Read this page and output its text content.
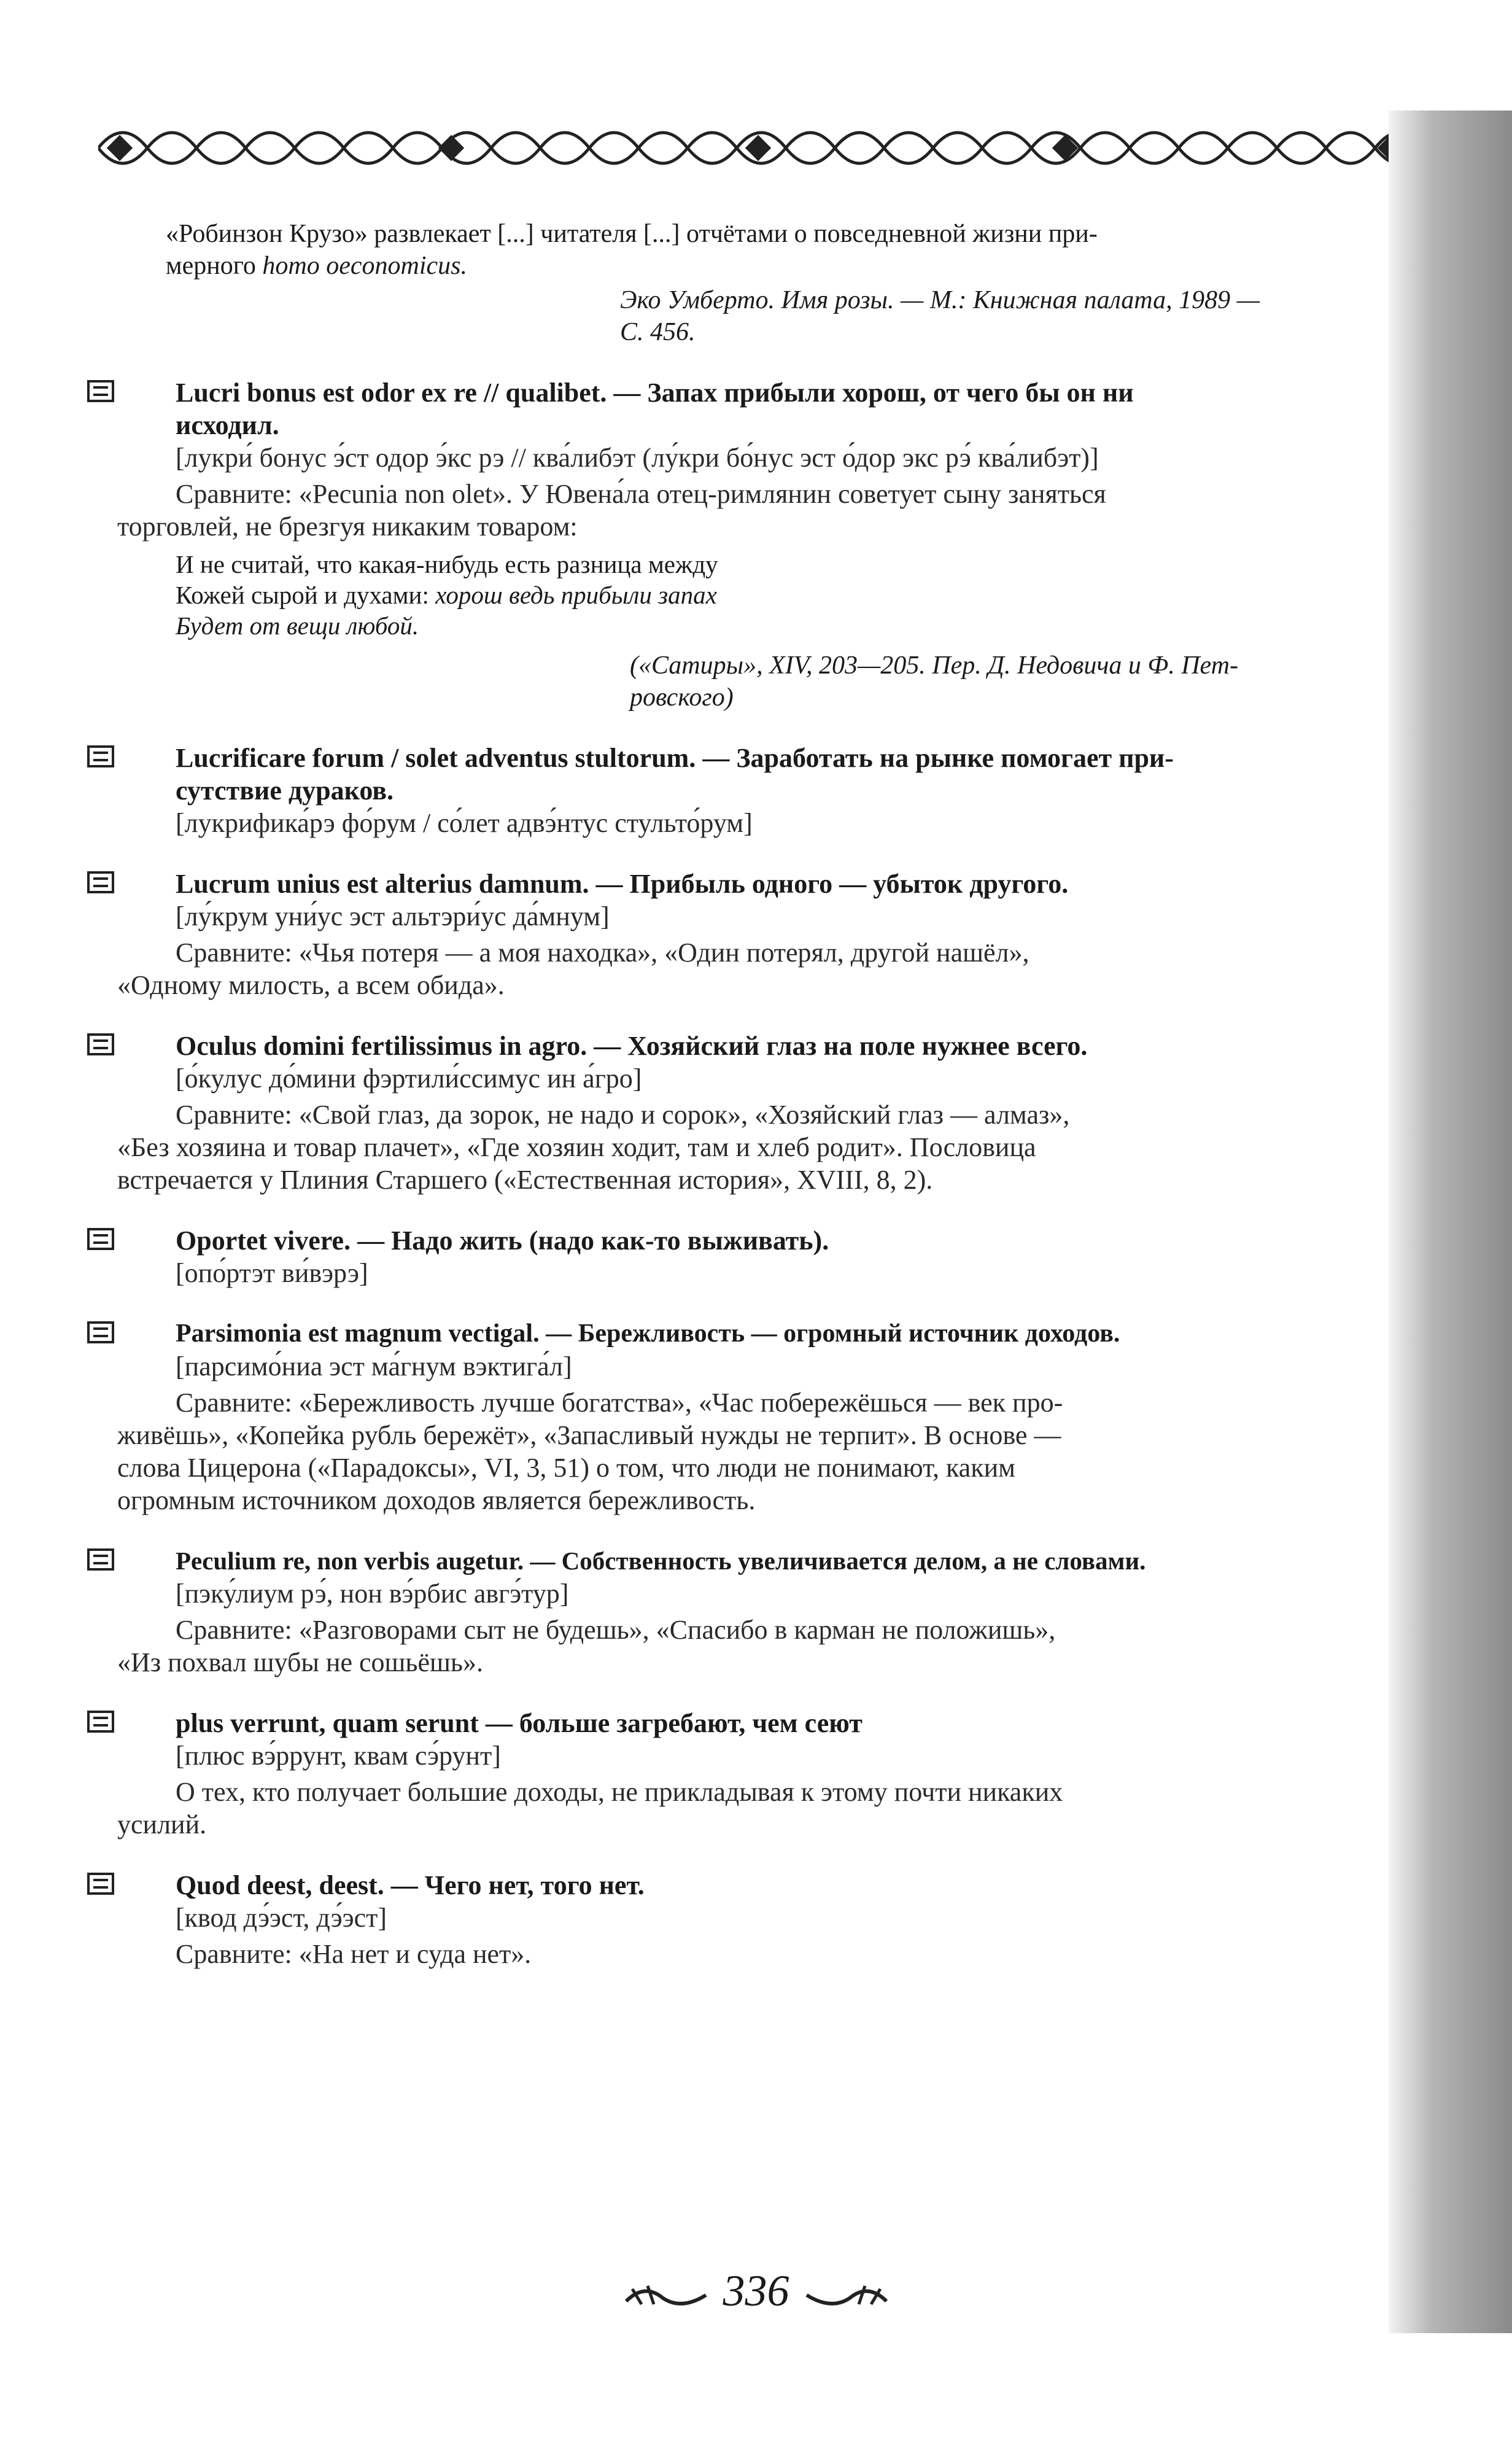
«Робинзон Крузо» развлекает [...] читателя [...] отчётами о повседневной жизни при-

мерного homo oeconomicus.

Эко Умберто. Имя розы. — М.: Книжная палата, 1989 —

С. 456.

Lucri bonus est odor ex re // qualibet. — Запах прибыли хорош, от чего бы он ни
исходил.

[лукри́ бонус э́ст одор э́кс рэ // ква́либэт (лу́кри бо́нус эст о́дор экс рэ́ ква́либэт)]

Сравните: «Pecunia non olet». У Ювена́ла отец-римлянин советует сыну заняться

торговлей, не брезгуя никаким товаром:

И не считай, что какая-нибудь есть разница между

Кожей сырой и духами: хорош ведь прибыли запах

Будет от вещи любой.

(«Сатиры», XIV, 203—205. Пер. Д. Недовича и Ф. Пет-

ровского)

Lucrificare forum / solet adventus stultorum. — Заработать на рынке помогает при-
сутствие дураков.

[лукрифика́рэ фо́рум / со́лет адвэ́нтус стульто́рум]

Lucrum unius est alterius damnum. — Прибыль одного — убыток другого.

[лу́крум уни́ус эст альтэри́ус да́мнум]

Сравните: «Чья потеря — а моя находка», «Один потерял, другой нашёл»,

«Одному милость, а всем обида».

Oculus domini fertilissimus in agro. — Хозяйский глаз на поле нужнее всего.

[о́кулус до́мини фэртили́ссимус ин а́гро]

Сравните: «Свой глаз, да зорок, не надо и сорок», «Хозяйский глаз — алмаз»,

«Без хозяина и товар плачет», «Где хозяин ходит, там и хлеб родит». Пословица

встречается у Плиния Старшего («Естественная история», XVIII, 8, 2).

Oportet vivere. — Надо жить (надо как-то выживать).

[опо́ртэт ви́вэрэ]

Parsimonia est magnum vectigal. — Бережливость — огромный источник доходов.

[парсимо́ниа эст ма́гнум вэктига́л]

Сравните: «Бережливость лучше богатства», «Час побережёшься — век про-

живёшь», «Копейка рубль бережёт», «Запасливый нужды не терпит». В основе —

слова Цицерона («Парадоксы», VI, 3, 51) о том, что люди не понимают, каким

огромным источником доходов является бережливость.

Peculium re, non verbis augetur. — Собственность увеличивается делом, а не словами.

[пэку́лиум рэ́, нон вэ́рбис авгэ́тур]

Сравните: «Разговорами сыт не будешь», «Спасибо в карман не положишь»,

«Из похвал шубы не сошьёшь».

plus verrunt, quam serunt — больше загребают, чем сеют

[плюс вэ́ррунт, квам сэ́рунт]

О тех, кто получает большие доходы, не прикладывая к этому почти никаких

усилий.

Quod deest, deest. — Чего нет, того нет.

[квод дэ́эст, дэ́эст]

Сравните: «На нет и суда нет».

336
